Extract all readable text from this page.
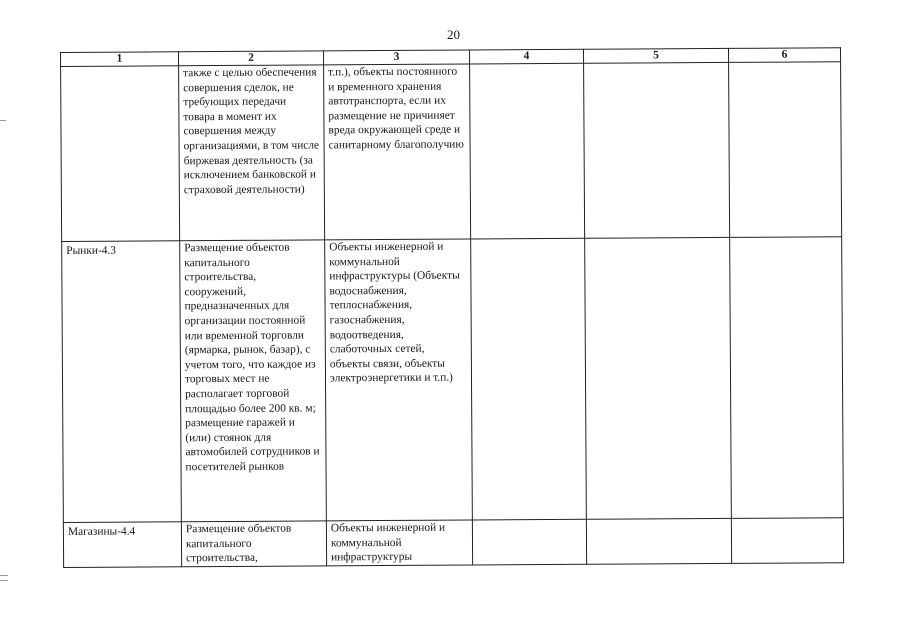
20
1	2	3	4	5	6

	также с целью обеспечения совершения сделок, не требующих передачи товара в момент их совершения между организациями, в том числе биржевая деятельность (за исключением банковской и страховой деятельности)	т.п.), объекты постоянного и временного хранения автотранспорта, если их размещение не причиняет вреда окружающей среде и санитарному благополучию			

Рынки-4.3	Размещение объектов капитального строительства, сооружений, предназначенных для организации постоянной или временной торговли (ярмарка, рынок, базар), с учетом того, что каждое из торговых мест не располагает торговой площадью более 200 кв. м; размещение гаражей и (или) стоянок для автомобилей сотрудников и посетителей рынков	Объекты инженерной и коммунальной инфраструктуры (Объекты водоснабжения, теплоснабжения, газоснабжения, водоотведения, слаботочных сетей, объекты связи, объекты электроэнергетики и т.п.)			

Магазины-4.4	Размещение объектов капитального строительства,	Объекты инженерной и коммунальной инфраструктуры			
